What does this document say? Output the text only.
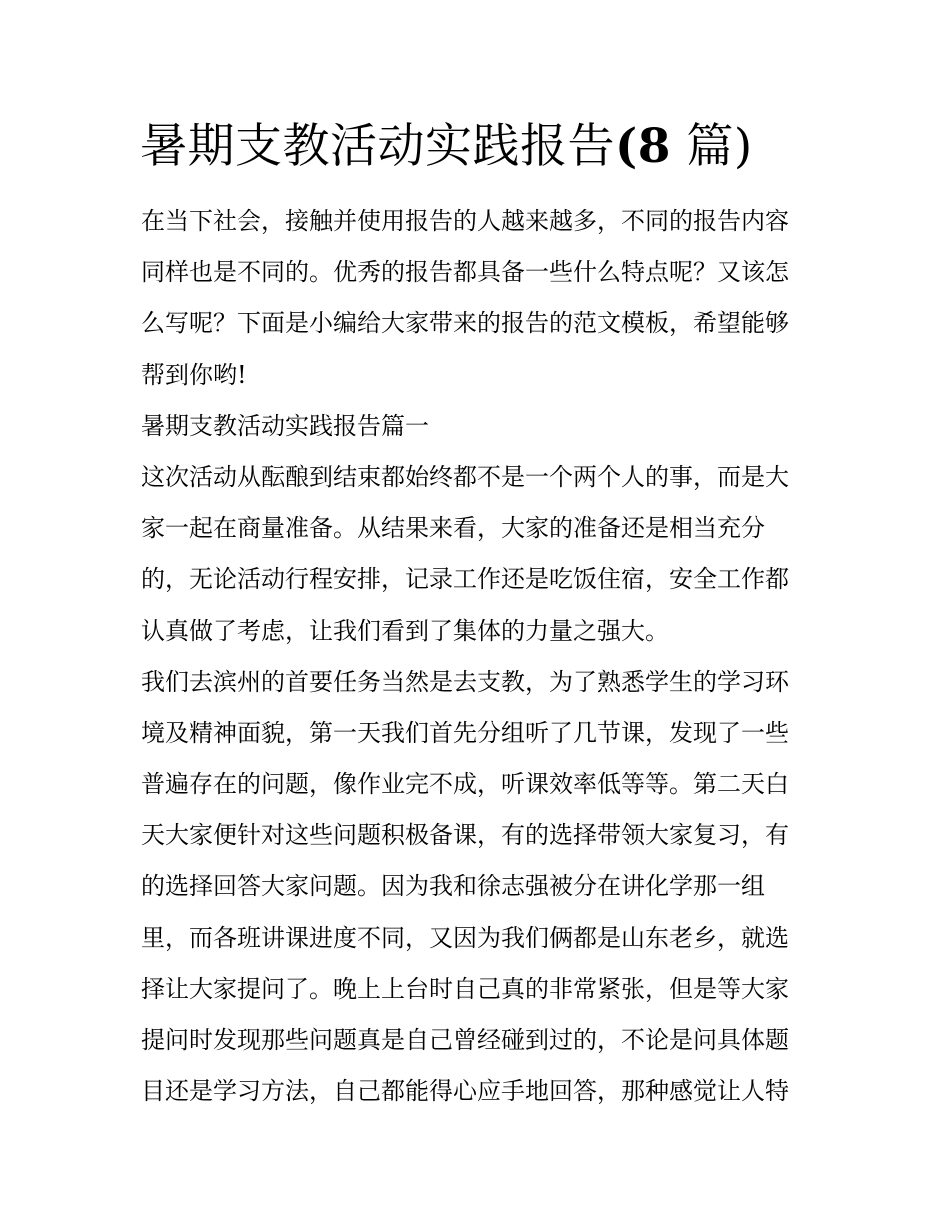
暑期支教活动实践报告(8 篇)
在当下社会，接触并使用报告的人越来越多，不同的报告内容
同样也是不同的。优秀的报告都具备一些什么特点呢？又该怎
么写呢？下面是小编给大家带来的报告的范文模板，希望能够
帮到你哟!
暑期支教活动实践报告篇一
这次活动从酝酿到结束都始终都不是一个两个人的事，而是大
家一起在商量准备。从结果来看，大家的准备还是相当充分
的，无论活动行程安排，记录工作还是吃饭住宿，安全工作都
认真做了考虑，让我们看到了集体的力量之强大。
我们去滨州的首要任务当然是去支教，为了熟悉学生的学习环
境及精神面貌，第一天我们首先分组听了几节课，发现了一些
普遍存在的问题，像作业完不成，听课效率低等等。第二天白
天大家便针对这些问题积极备课，有的选择带领大家复习，有
的选择回答大家问题。因为我和徐志强被分在讲化学那一组
里，而各班讲课进度不同，又因为我们俩都是山东老乡，就选
择让大家提问了。晚上上台时自己真的非常紧张，但是等大家
提问时发现那些问题真是自己曾经碰到过的，不论是问具体题
目还是学习方法，自己都能得心应手地回答，那种感觉让人特
